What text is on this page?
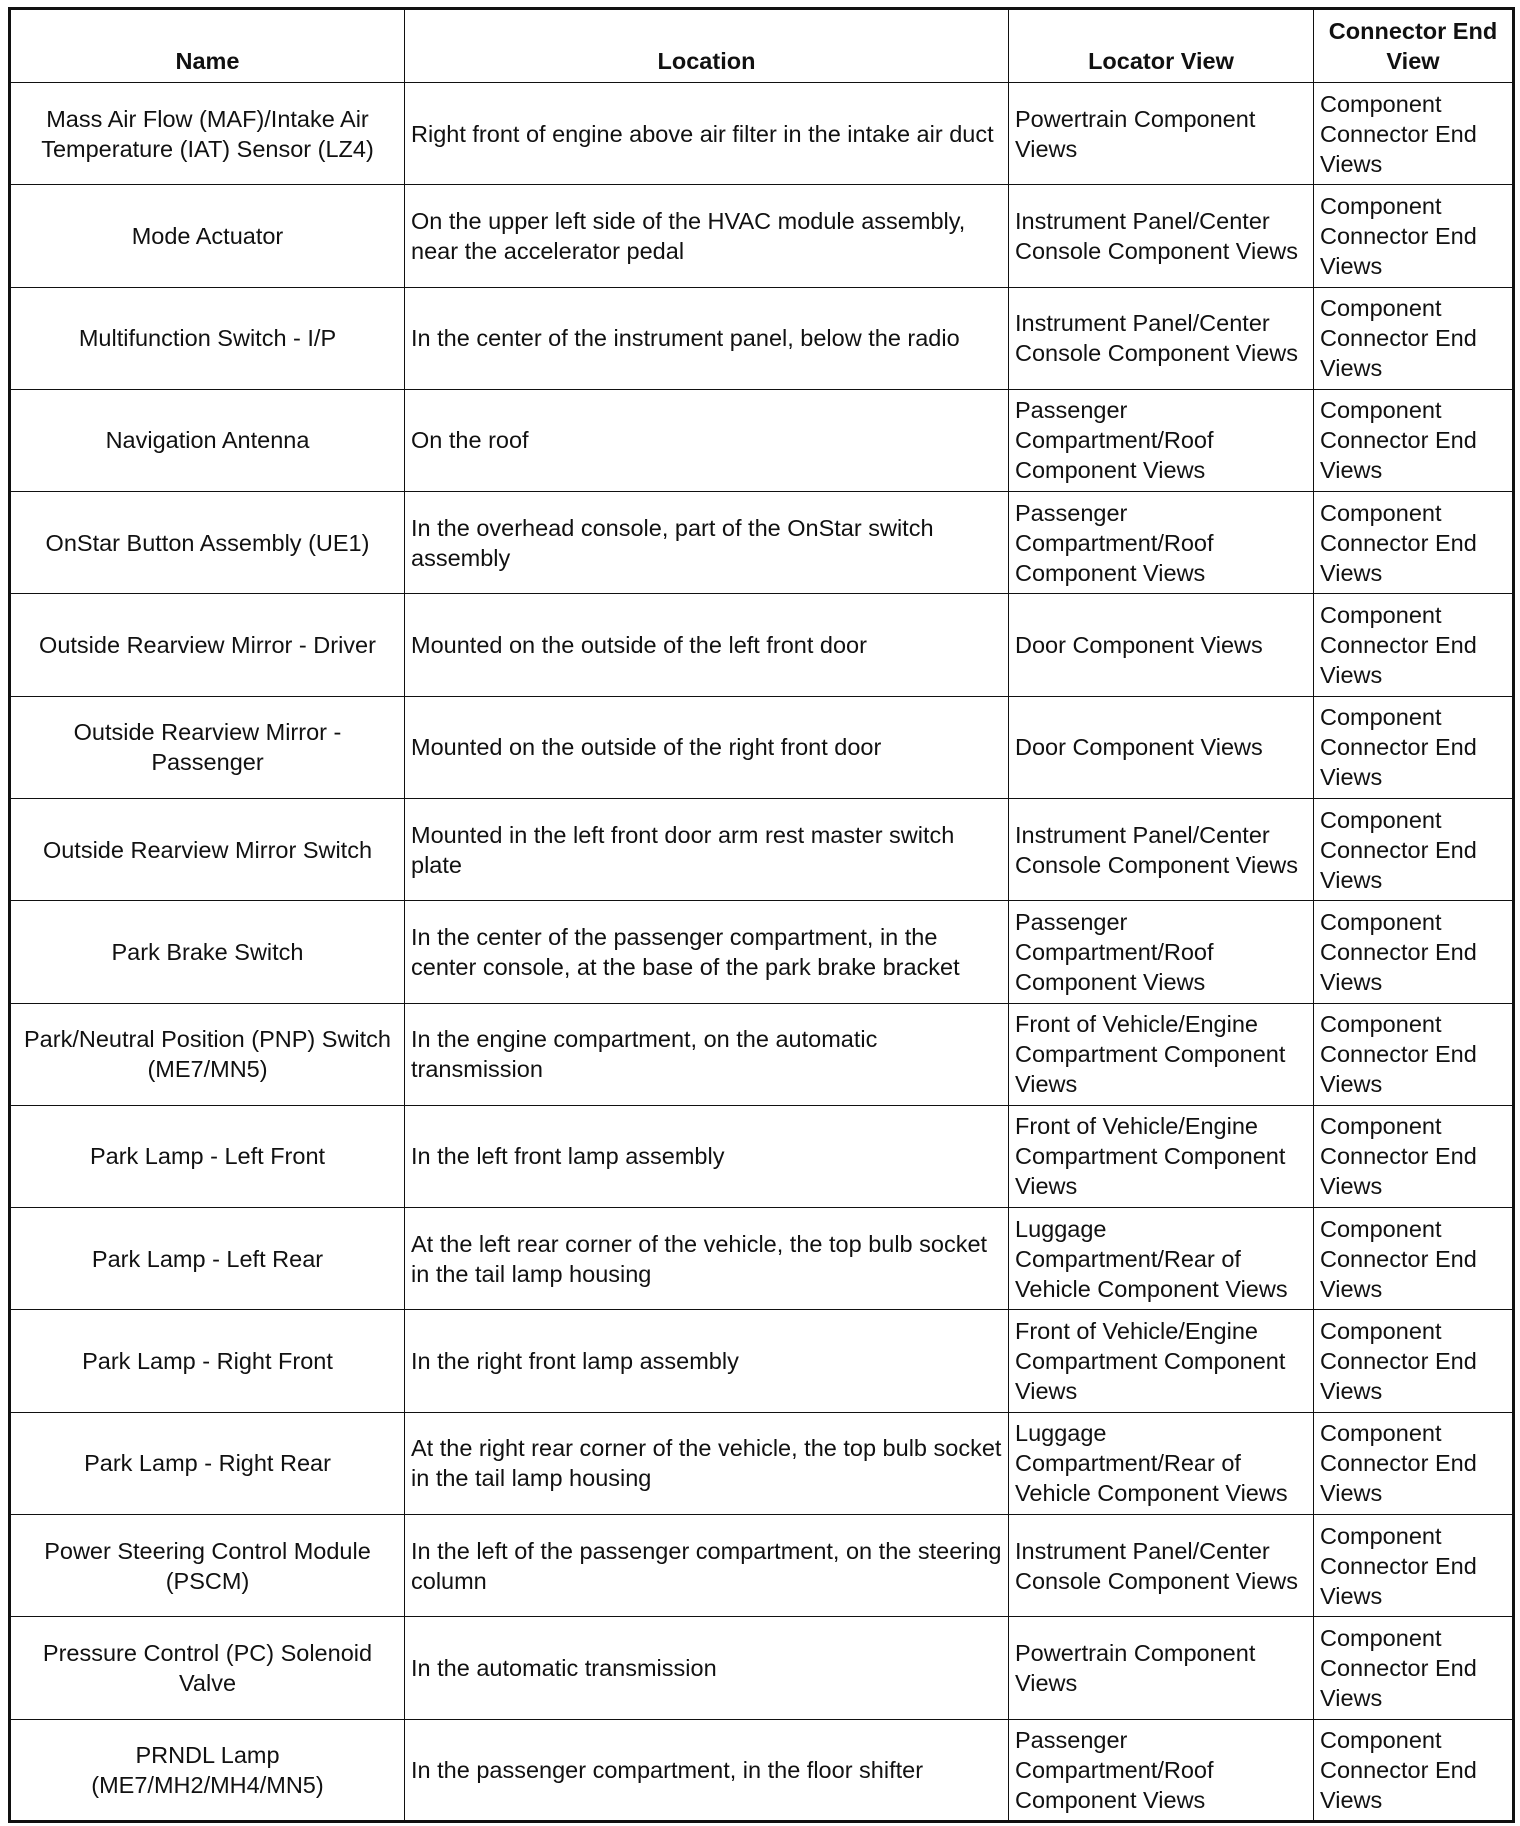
Name	Location	Locator View	Connector End View
Mass Air Flow (MAF)/Intake Air Temperature (IAT) Sensor (LZ4)	Right front of engine above air filter in the intake air duct	Powertrain Component Views	Component Connector End Views
Mode Actuator	On the upper left side of the HVAC module assembly, near the accelerator pedal	Instrument Panel/Center Console Component Views	Component Connector End Views
Multifunction Switch - I/P	In the center of the instrument panel, below the radio	Instrument Panel/Center Console Component Views	Component Connector End Views
Navigation Antenna	On the roof	Passenger Compartment/Roof Component Views	Component Connector End Views
OnStar Button Assembly (UE1)	In the overhead console, part of the OnStar switch assembly	Passenger Compartment/Roof Component Views	Component Connector End Views
Outside Rearview Mirror - Driver	Mounted on the outside of the left front door	Door Component Views	Component Connector End Views
Outside Rearview Mirror - Passenger	Mounted on the outside of the right front door	Door Component Views	Component Connector End Views
Outside Rearview Mirror Switch	Mounted in the left front door arm rest master switch plate	Instrument Panel/Center Console Component Views	Component Connector End Views
Park Brake Switch	In the center of the passenger compartment, in the center console, at the base of the park brake bracket	Passenger Compartment/Roof Component Views	Component Connector End Views
Park/Neutral Position (PNP) Switch (ME7/MN5)	In the engine compartment, on the automatic transmission	Front of Vehicle/Engine Compartment Component Views	Component Connector End Views
Park Lamp - Left Front	In the left front lamp assembly	Front of Vehicle/Engine Compartment Component Views	Component Connector End Views
Park Lamp - Left Rear	At the left rear corner of the vehicle, the top bulb socket in the tail lamp housing	Luggage Compartment/Rear of Vehicle Component Views	Component Connector End Views
Park Lamp - Right Front	In the right front lamp assembly	Front of Vehicle/Engine Compartment Component Views	Component Connector End Views
Park Lamp - Right Rear	At the right rear corner of the vehicle, the top bulb socket in the tail lamp housing	Luggage Compartment/Rear of Vehicle Component Views	Component Connector End Views
Power Steering Control Module (PSCM)	In the left of the passenger compartment, on the steering column	Instrument Panel/Center Console Component Views	Component Connector End Views
Pressure Control (PC) Solenoid Valve	In the automatic transmission	Powertrain Component Views	Component Connector End Views
PRNDL Lamp (ME7/MH2/MH4/MN5)	In the passenger compartment, in the floor shifter	Passenger Compartment/Roof Component Views	Component Connector End Views
